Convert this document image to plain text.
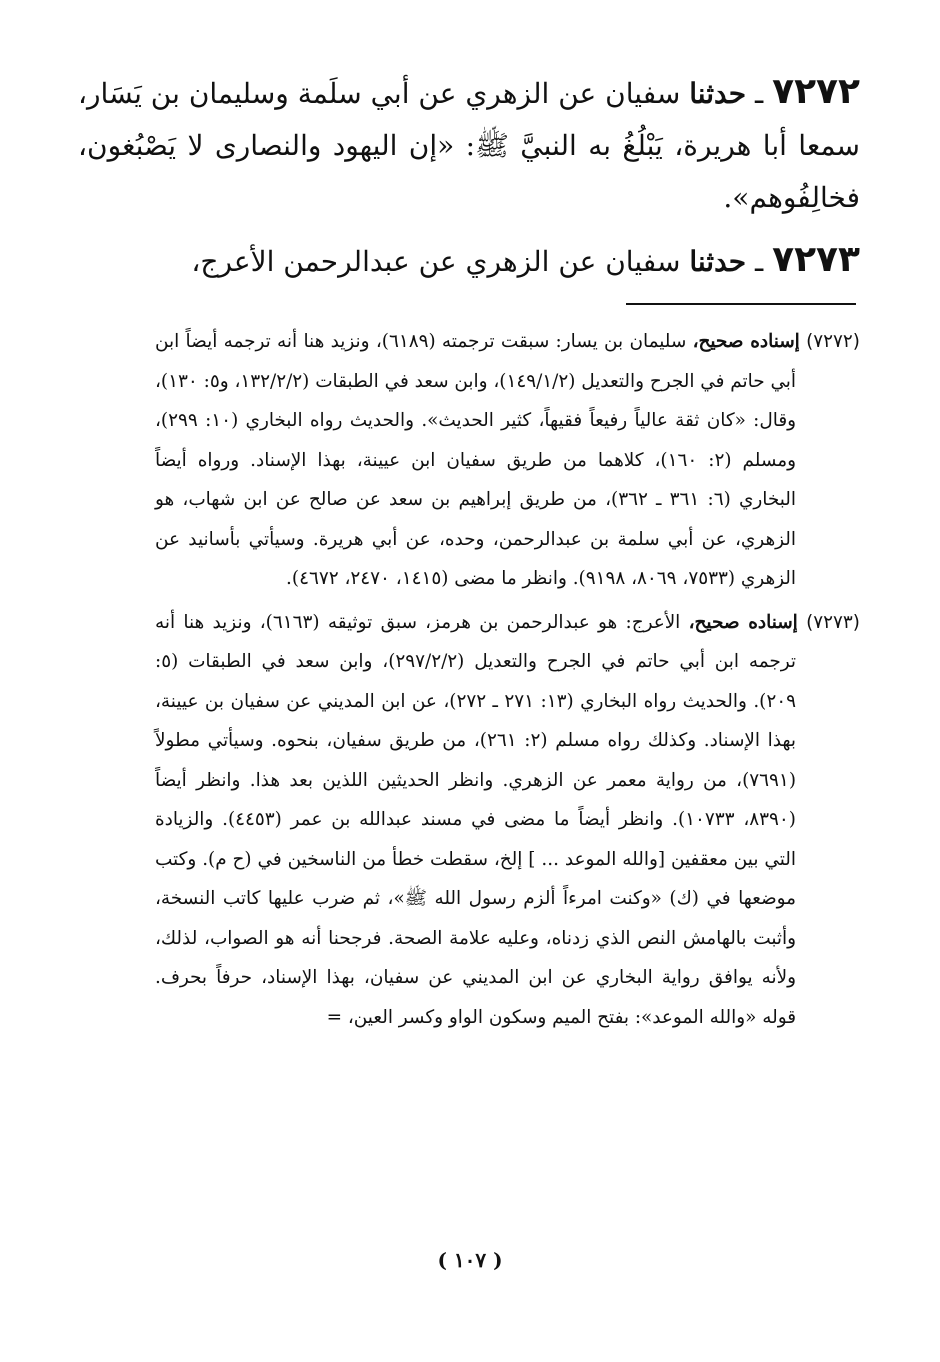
٧٢٧٢ ـ حدثنا سفيان عن الزهري عن أبي سلَمة وسليمان بن يَسَار، سمعا أبا هريرة، يَبْلُغُ به النبيَّ ﷺ: «إن اليهود والنصارى لا يَصْبُغون، فخالِفُوهم».

٧٢٧٣ ـ حدثنا سفيان عن الزهري عن عبدالرحمن الأعرج،

(٧٢٧٢) إسناده صحيح، سليمان بن يسار: سبقت ترجمته (٦١٨٩)، ونزيد هنا أنه ترجمه أيضاً ابن أبي حاتم في الجرح والتعديل (١٤٩/١/٢)، وابن سعد في الطبقات (١٣٢/٢/٢، و٥: ١٣٠)، وقال: «كان ثقة عالياً رفيعاً فقيهاً، كثير الحديث». والحديث رواه البخاري (١٠: ٢٩٩)، ومسلم (٢: ١٦٠)، كلاهما من طريق سفيان ابن عيينة، بهذا الإسناد. ورواه أيضاً البخاري (٦: ٣٦١ ـ ٣٦٢)، من طريق إبراهيم بن سعد عن صالح عن ابن شهاب، هو الزهري، عن أبي سلمة بن عبدالرحمن، وحده، عن أبي هريرة. وسيأتي بأسانيد عن الزهري (٧٥٣٣، ٨٠٦٩، ٩١٩٨). وانظر ما مضى (١٤١٥، ٢٤٧٠، ٤٦٧٢).

(٧٢٧٣) إسناده صحيح، الأعرج: هو عبدالرحمن بن هرمز، سبق توثيقه (٦١٦٣)، ونزيد هنا أنه ترجمه ابن أبي حاتم في الجرح والتعديل (٢٩٧/٢/٢)، وابن سعد في الطبقات (٥: ٢٠٩). والحديث رواه البخاري (١٣: ٢٧١ ـ ٢٧٢)، عن ابن المديني عن سفيان بن عيينة، بهذا الإسناد. وكذلك رواه مسلم (٢: ٢٦١)، من طريق سفيان، بنحوه. وسيأتي مطولاً (٧٦٩١)، من رواية معمر عن الزهري. وانظر الحديثين اللذين بعد هذا. وانظر أيضاً (٨٣٩٠، ١٠٧٣٣). وانظر أيضاً ما مضى في مسند عبدالله بن عمر (٤٤٥٣). والزيادة التي بين معقفين [والله الموعد ... ] إلخ، سقطت خطأ من الناسخين في (ح م). وكتب موضعها في (ك) «وكنت امرءاً ألزم رسول الله ﷺ»، ثم ضرب عليها كاتب النسخة، وأثبت بالهامش النص الذي زدناه، وعليه علامة الصحة. فرجحنا أنه هو الصواب، لذلك، ولأنه يوافق رواية البخاري عن ابن المديني عن سفيان، بهذا الإسناد، حرفاً بحرف. قوله «والله الموعد»: بفتح الميم وسكون الواو وكسر العين، =

( ١٠٧ )
